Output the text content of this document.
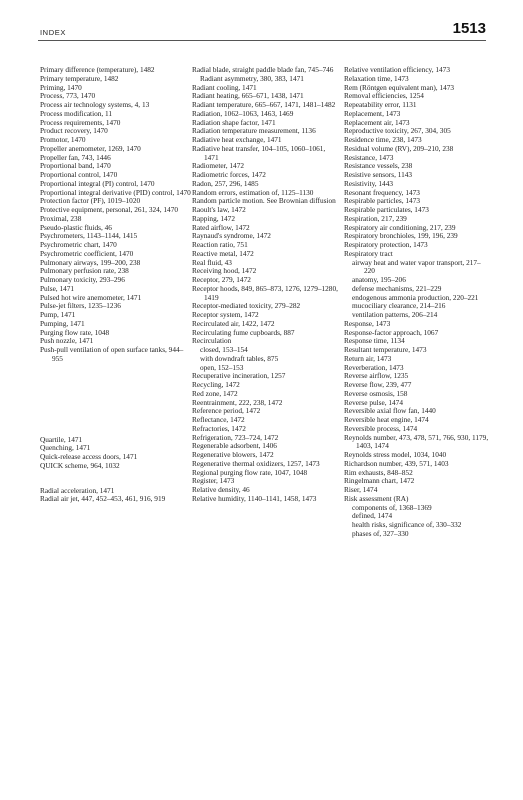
INDEX	1513

Primary difference (temperature), 1482

Primary temperature, 1482

Priming, 1470

Process, 773, 1470

Process air technology systems, 4, 13

Process modification, 11

Process requirements, 1470

Product recovery, 1470

Promotor, 1470

Propeller anemometer, 1269, 1470

Propeller fan, 743, 1446

Proportional band, 1470

Proportional control, 1470

Proportional integral (PI) control, 1470

Proportional integral derivative (PID) control, 1470

Protection factor (PF), 1019–1020

Protective equipment, personal, 261, 324, 1470

Proximal, 238

Pseudo-plastic fluids, 46

Psychrometers, 1143–1144, 1415

Psychrometric chart, 1470

Psychrometric coefficient, 1470

Pulmonary airways, 199–200, 238

Pulmonary perfusion rate, 238

Pulmonary toxicity, 293–296

Pulse, 1471

Pulsed hot wire anemometer, 1471

Pulse-jet filters, 1235–1236

Pump, 1471

Pumping, 1471

Purging flow rate, 1048

Push nozzle, 1471

Push-pull ventilation of open surface tanks, 944–955

Quartile, 1471

Quenching, 1471

Quick-release access doors, 1471

QUICK scheme, 964, 1032

Radial acceleration, 1471

Radial air jet, 447, 452–453, 461, 916, 919

Radial blade, straight paddle blade fan, 745–746

Radiant asymmetry, 380, 383, 1471

Radiant cooling, 1471

Radiant heating, 665–671, 1438, 1471

Radiant temperature, 665–667, 1471, 1481–1482

Radiation, 1062–1063, 1463, 1469

Radiation shape factor, 1471

Radiation temperature measurement, 1136

Radiative heat exchange, 1471

Radiative heat transfer, 104–105, 1060–1061, 1471

Radiometer, 1472

Radiometric forces, 1472

Radon, 257, 296, 1485

Random errors, estimation of, 1125–1130

Random particle motion. See Brownian diffusion

Raoult's law, 1472

Rapping, 1472

Rated airflow, 1472

Raynaud's syndrome, 1472

Reaction ratio, 751

Reactive metal, 1472

Real fluid, 43

Receiving hood, 1472

Receptor, 279, 1472

Receptor hoods, 849, 865–873, 1276, 1279–1280, 1419

Receptor-mediated toxicity, 279–282

Receptor system, 1472

Recirculated air, 1422, 1472

Recirculating fume cupboards, 887

Recirculation

closed, 153–154

with downdraft tables, 875

open, 152–153

Recuperative incineration, 1257

Recycling, 1472

Red zone, 1472

Reentrainment, 222, 238, 1472

Reference period, 1472

Reflectance, 1472

Refractories, 1472

Refrigeration, 723–724, 1472

Regenerable adsorbent, 1406

Regenerative blowers, 1472

Regenerative thermal oxidizers, 1257, 1473

Regional purging flow rate, 1047, 1048

Register, 1473

Relative density, 46

Relative humidity, 1140–1141, 1458, 1473

Relative ventilation efficiency, 1473

Relaxation time, 1473

Rem (Röntgen equivalent man), 1473

Removal efficiencies, 1254

Repeatability error, 1131

Replacement, 1473

Replacement air, 1473

Reproductive toxicity, 267, 304, 305

Residence time, 238, 1473

Residual volume (RV), 209–210, 238

Resistance, 1473

Resistance vessels, 238

Resistive sensors, 1143

Resistivity, 1443

Resonant frequency, 1473

Respirable particles, 1473

Respirable particulates, 1473

Respiration, 217, 239

Respiratory air conditioning, 217, 239

Respiratory bronchioles, 199, 196, 239

Respiratory protection, 1473

Respiratory tract

airway heat and water vapor transport, 217–220

anatomy, 195–206

defense mechanisms, 221–229

endogenous ammonia production, 220–221

mucociliary clearance, 214–216

ventilation patterns, 206–214

Response, 1473

Response-factor approach, 1067

Response time, 1134

Resultant temperature, 1473

Return air, 1473

Reverberation, 1473

Reverse airflow, 1235

Reverse flow, 239, 477

Reverse osmosis, 158

Reverse pulse, 1474

Reversible axial flow fan, 1440

Reversible heat engine, 1474

Reversible process, 1474

Reynolds number, 473, 478, 571, 766, 930, 1179, 1403, 1474

Reynolds stress model, 1034, 1040

Richardson number, 439, 571, 1403

Rim exhausts, 848–852

Ringelmann chart, 1472

Riser, 1474

Risk assessment (RA)

components of, 1368–1369

defined, 1474

health risks, significance of, 330–332

phases of, 327–330
